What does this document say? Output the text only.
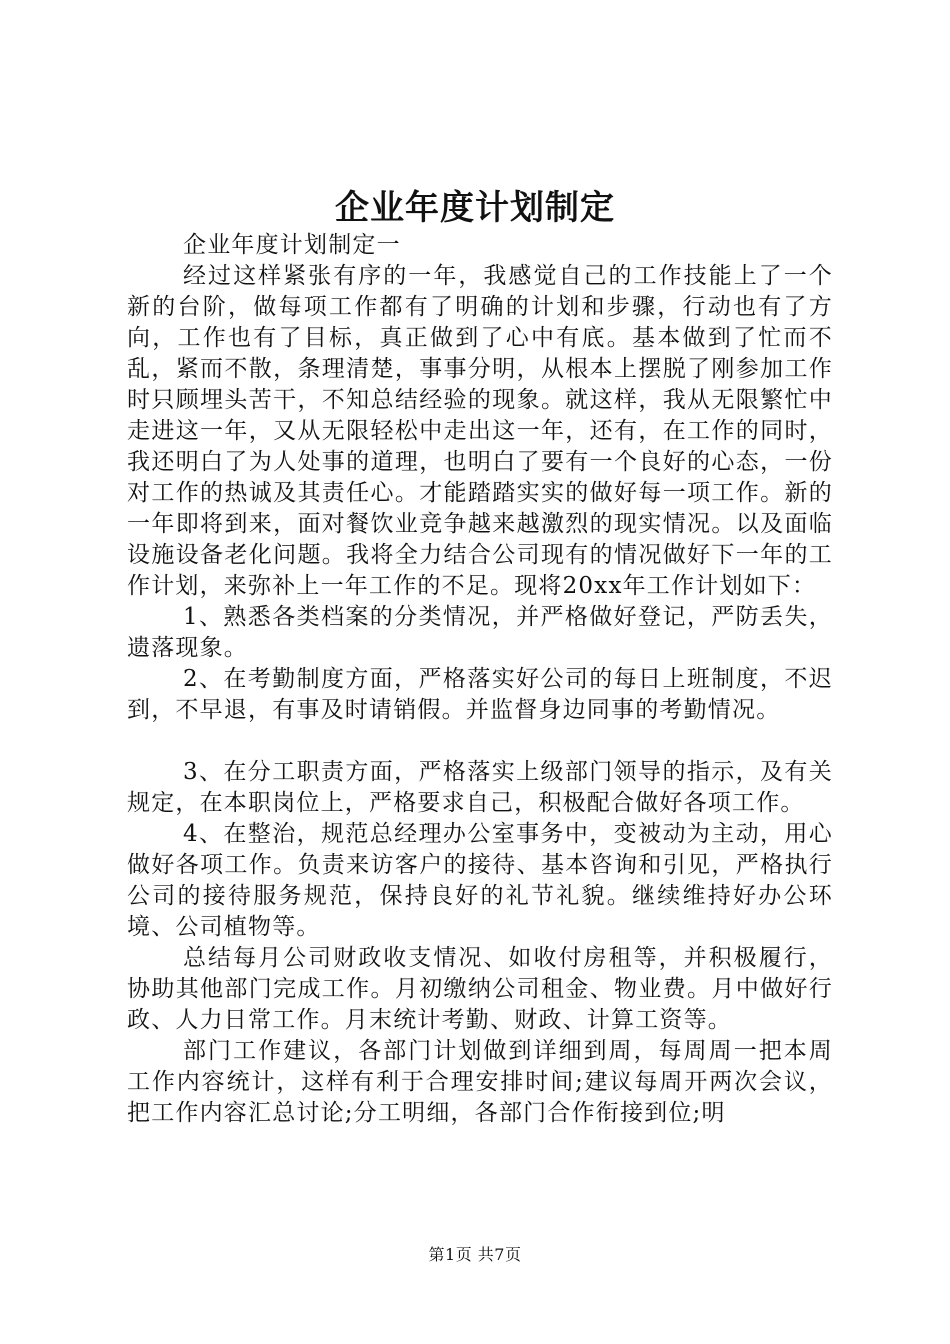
企业年度计划制定

企业年度计划制定一

经过这样紧张有序的一年，我感觉自己的工作技能上了一个新的台阶，做每项工作都有了明确的计划和步骤，行动也有了方向，工作也有了目标，真正做到了心中有底。基本做到了忙而不乱，紧而不散，条理清楚，事事分明，从根本上摆脱了刚参加工作时只顾埋头苦干，不知总结经验的现象。就这样，我从无限繁忙中走进这一年，又从无限轻松中走出这一年，还有，在工作的同时，我还明白了为人处事的道理，也明白了要有一个良好的心态，一份对工作的热诚及其责任心。才能踏踏实实的做好每一项工作。新的一年即将到来，面对餐饮业竞争越来越激烈的现实情况。以及面临设施设备老化问题。我将全力结合公司现有的情况做好下一年的工作计划，来弥补上一年工作的不足。现将20xx年工作计划如下：

1、熟悉各类档案的分类情况，并严格做好登记，严防丢失，遗落现象。

2、在考勤制度方面，严格落实好公司的每日上班制度，不迟到，不早退，有事及时请销假。并监督身边同事的考勤情况。

3、在分工职责方面，严格落实上级部门领导的指示，及有关规定，在本职岗位上，严格要求自己，积极配合做好各项工作。

4、在整治，规范总经理办公室事务中，变被动为主动，用心做好各项工作。负责来访客户的接待、基本咨询和引见，严格执行公司的接待服务规范，保持良好的礼节礼貌。继续维持好办公环境、公司植物等。

总结每月公司财政收支情况、如收付房租等，并积极履行，协助其他部门完成工作。月初缴纳公司租金、物业费。月中做好行政、人力日常工作。月末统计考勤、财政、计算工资等。

部门工作建议，各部门计划做到详细到周，每周周一把本周工作内容统计，这样有利于合理安排时间;建议每周开两次会议，把工作内容汇总讨论;分工明细，各部门合作衔接到位;明

第1页 共7页
